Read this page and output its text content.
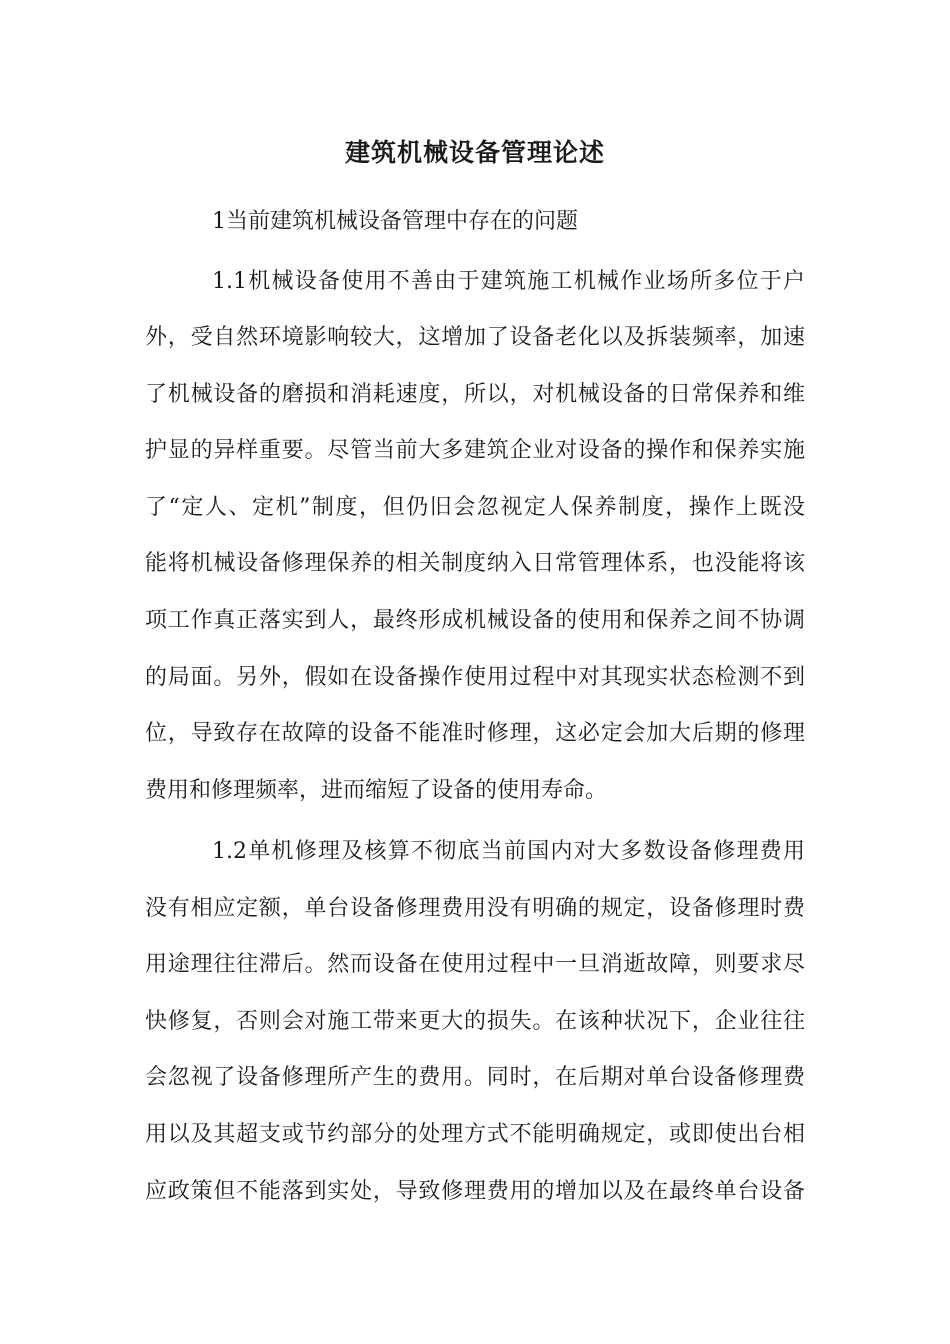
建筑机械设备管理论述
1当前建筑机械设备管理中存在的问题
1.1机械设备使用不善由于建筑施工机械作业场所多位于户
外，受自然环境影响较大，这增加了设备老化以及拆装频率，加速
了机械设备的磨损和消耗速度，所以，对机械设备的日常保养和维
护显的异样重要。尽管当前大多建筑企业对设备的操作和保养实施
了“定人、定机”制度，但仍旧会忽视定人保养制度，操作上既没
能将机械设备修理保养的相关制度纳入日常管理体系，也没能将该
项工作真正落实到人，最终形成机械设备的使用和保养之间不协调
的局面。另外，假如在设备操作使用过程中对其现实状态检测不到
位，导致存在故障的设备不能准时修理，这必定会加大后期的修理
费用和修理频率，进而缩短了设备的使用寿命。
1.2单机修理及核算不彻底当前国内对大多数设备修理费用
没有相应定额，单台设备修理费用没有明确的规定，设备修理时费
用途理往往滞后。然而设备在使用过程中一旦消逝故障，则要求尽
快修复，否则会对施工带来更大的损失。在该种状况下，企业往往
会忽视了设备修理所产生的费用。同时，在后期对单台设备修理费
用以及其超支或节约部分的处理方式不能明确规定，或即使出台相
应政策但不能落到实处，导致修理费用的增加以及在最终单台设备
